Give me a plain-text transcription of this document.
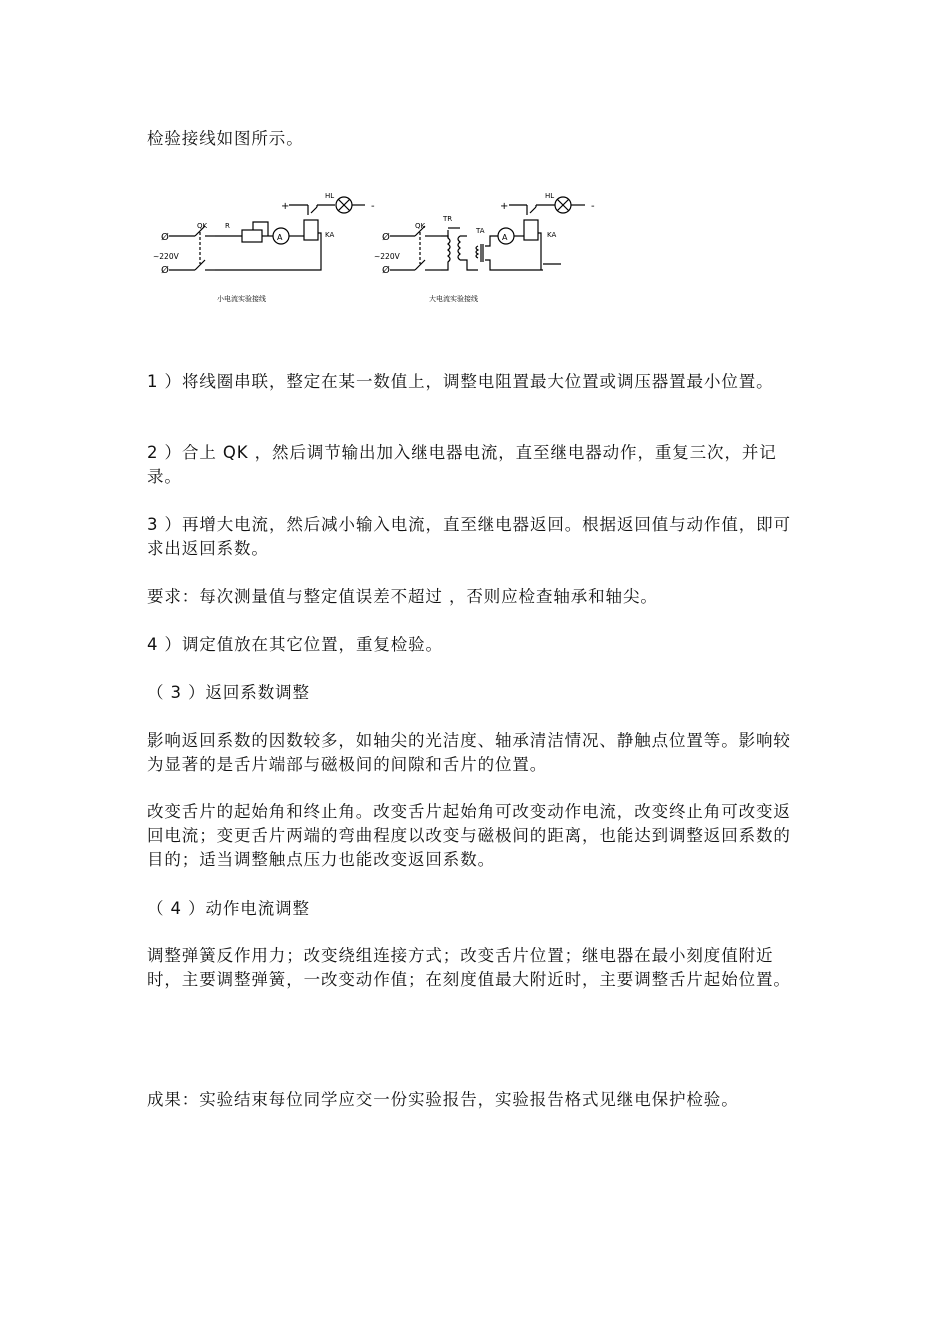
检验接线如图所示。

+	-
HL
Ø
Ø
~220V
QK	R
A	KA
小电流实验接线
+	-
HL
Ø
Ø
~220V
QK
TR
TA
A	KA
大电流实验接线

1 ）将线圈串联，整定在某一数值上，调整电阻置最大位置或调压器置最小位置。

2 ）合上 QK ，然后调节输出加入继电器电流，直至继电器动作，重复三次，并记录。

3 ）再增大电流，然后减小输入电流，直至继电器返回。根据返回值与动作值，即可求出返回系数。

要求：每次测量值与整定值误差不超过 ，否则应检查轴承和轴尖。

4 ）调定值放在其它位置，重复检验。

（ 3 ）返回系数调整

影响返回系数的因数较多，如轴尖的光洁度、轴承清洁情况、静触点位置等。影响较为显著的是舌片端部与磁极间的间隙和舌片的位置。

改变舌片的起始角和终止角。改变舌片起始角可改变动作电流，改变终止角可改变返回电流；变更舌片两端的弯曲程度以改变与磁极间的距离，也能达到调整返回系数的目的；适当调整触点压力也能改变返回系数。

（ 4 ）动作电流调整

调整弹簧反作用力；改变绕组连接方式；改变舌片位置；继电器在最小刻度值附近时，主要调整弹簧，一改变动作值；在刻度值最大附近时，主要调整舌片起始位置。

成果：实验结束每位同学应交一份实验报告，实验报告格式见继电保护检验。
